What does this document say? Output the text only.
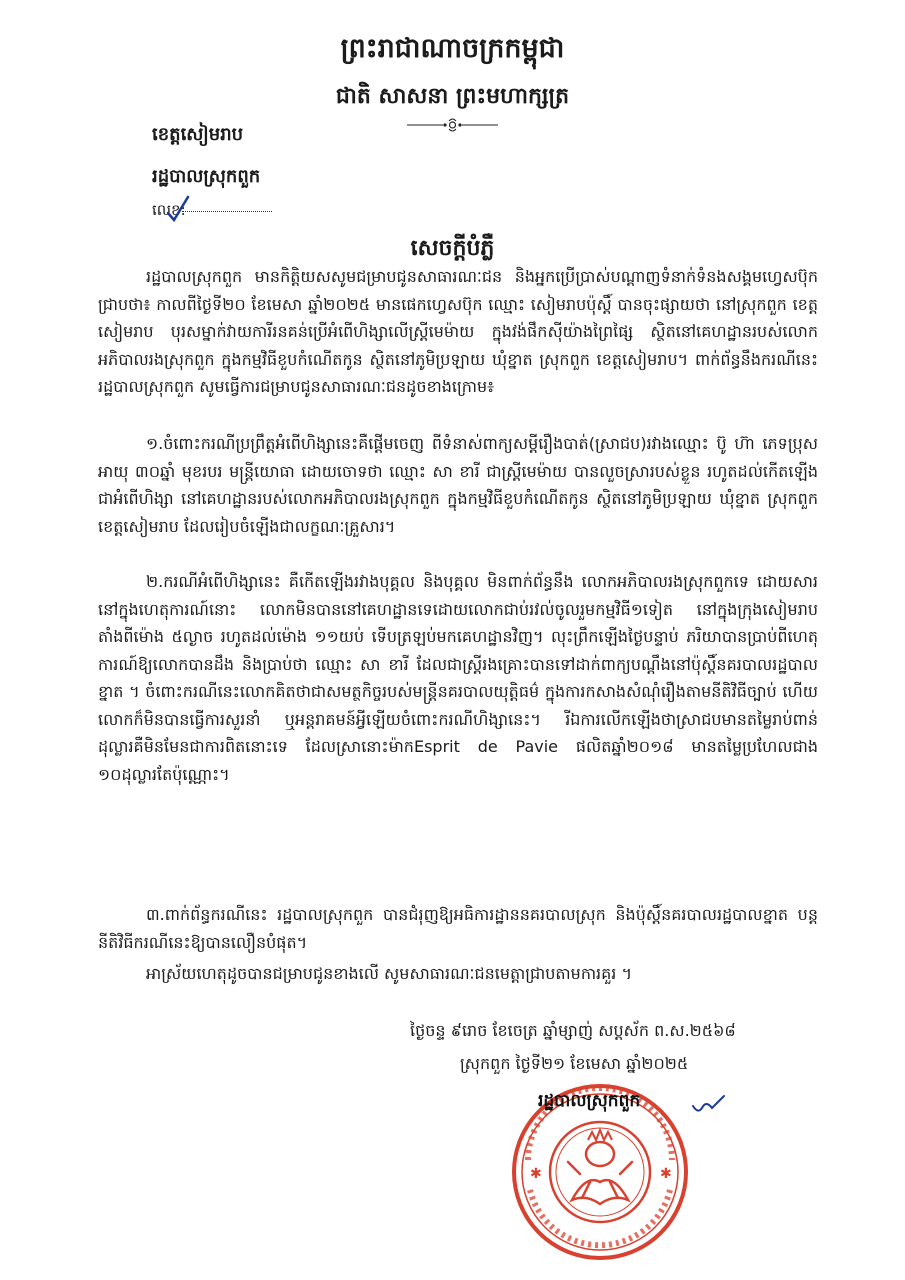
ព្រះរាជាណាចក្រកម្ពុជា
ជាតិ សាសនា ព្រះមហាក្សត្រ
ខេត្តសៀមរាប
រដ្ឋបាលស្រុកពួក
លេខ:
សេចក្តីបំភ្លឺ

រដ្ឋបាលស្រុកពួក មានកិត្តិយសសូមជម្រាបជូនសាធារណៈជន និងអ្នកប្រើប្រាស់បណ្តាញទំនាក់ទំនងសង្គមហ្វេសប៊ុក ជ្រាបថា៖ កាលពីថ្ងៃទី២០ ខែមេសា ឆ្នាំ២០២៥ មានផេកហ្វេសប៊ុក ឈ្មោះ សៀមរាបប៉ុស្តិ៍ បានចុះផ្សាយថា នៅស្រុកពួក ខេត្តសៀមរាប បុរសម្នាក់វាយការីរនគន់ប្រើអំពើហិង្សាលើស្ត្រីមេម៉ាយ ក្នុងវង់ផឹកស៊ីយ៉ាងព្រៃផ្សៃ ស្ថិតនៅគេហដ្ឋានរបស់លោកអភិបាលរងស្រុកពួក ក្នុងកម្មវិធីខួបកំណើតកូន ស្ថិតនៅភូមិប្រឡាយ ឃុំខ្នាត ស្រុកពួក ខេត្តសៀមរាប។ ពាក់ព័ន្ធនឹងករណីនេះ រដ្ឋបាលស្រុកពួក សូមធ្វើការជម្រាបជូនសាធារណៈជនដូចខាងក្រោម៖

១.ចំពោះករណីប្រព្រឹត្តអំពើហិង្សានេះគឺផ្តើមចេញ ពីទំនាស់ពាក្យសម្តីរឿងបាត់(ស្រាជប)រវាងឈ្មោះ ប៊ូ ហ៊ា ភេទប្រុស អាយុ ៣០ឆ្នាំ មុខរបរ មន្ត្រីយោធា ដោយចោទថា ឈ្មោះ សា ខារី ជាស្ត្រីមេម៉ាយ បានលួចស្រារបស់ខ្លួន រហូតដល់កើតឡើងជាអំពើហិង្សា នៅគេហដ្ឋានរបស់លោកអភិបាលរងស្រុកពួក ក្នុងកម្មវិធីខួបកំណើតកូន ស្ថិតនៅភូមិប្រឡាយ ឃុំខ្នាត ស្រុកពួក ខេត្តសៀមរាប ដែលរៀបចំឡើងជាលក្ខណៈគ្រួសារ។

២.ករណីអំពើហិង្សានេះ គឺកើតឡើងរវាងបុគ្គល និងបុគ្គល មិនពាក់ព័ន្ធនឹង លោកអភិបាលរងស្រុកពួកទេ ដោយសារនៅក្នុងហេតុការណ៍នោះ លោកមិនបាននៅគេហដ្ឋានទេដោយលោកជាប់រវល់ចូលរួមកម្មវិធី១ទៀត នៅក្នុងក្រុងសៀមរាប តាំងពីម៉ោង ៥ល្ងាច រហូតដល់ម៉ោង ១១យប់ ទើបត្រឡប់មកគេហដ្ឋានវិញ។ លុះព្រឹកឡើងថ្ងៃបន្ទាប់ ភរិយាបានប្រាប់ពីហេតុការណ៍ឱ្យលោកបានដឹង និងប្រាប់ថា ឈ្មោះ សា ខារី ដែលជាស្ត្រីរងគ្រោះបានទៅដាក់ពាក្យបណ្តឹងនៅប៉ុស្តិ៍នគរបាលរដ្ឋបាលខ្នាត ។ ចំពោះករណីនេះលោកគិតថាជាសមត្ថកិច្ចរបស់មន្ត្រីនគរបាលយុត្តិធម៌ ក្នុងការកសាងសំណុំរឿងតាមនីតិវិធីច្បាប់ ហើយលោកក៏មិនបានធ្វើការសួរនាំ ឬអន្តរាគមន៍អ្វីឡើយចំពោះករណីហិង្សានេះ។ រីឯការលើកឡើងថាស្រាជបមានតម្លៃរាប់ពាន់ដុល្លារគឺមិនមែនជាការពិតនោះទេ ដែលស្រានោះម៉ាកEsprit de Pavie ផលិតឆ្នាំ២០១៨ មានតម្លៃប្រហែលជាង ១០ដុល្លារតែប៉ុណ្ណោះ។

៣.ពាក់ព័ន្ធករណីនេះ រដ្ឋបាលស្រុកពួក បានជំរុញឱ្យអធិការដ្ឋាននគរបាលស្រុក និងប៉ុស្តិ៍នគរបាលរដ្ឋបាលខ្នាត បន្តនីតិវិធីករណីនេះឱ្យបានលឿនបំផុត។

អាស្រ័យហេតុដូចបានជម្រាបជូនខាងលើ សូមសាធារណៈជនមេត្តាជ្រាបតាមការគួរ ។

ថ្ងៃចន្ទ ៩រោច ខែចេត្រ ឆ្នាំម្សាញ់ សប្តស័ក ព.ស.២៥៦៨
ស្រុកពួក ថ្ងៃទី២១ ខែមេសា ឆ្នាំ២០២៥
✱	✱
រដ្ឋបាលស្រុកពួក
